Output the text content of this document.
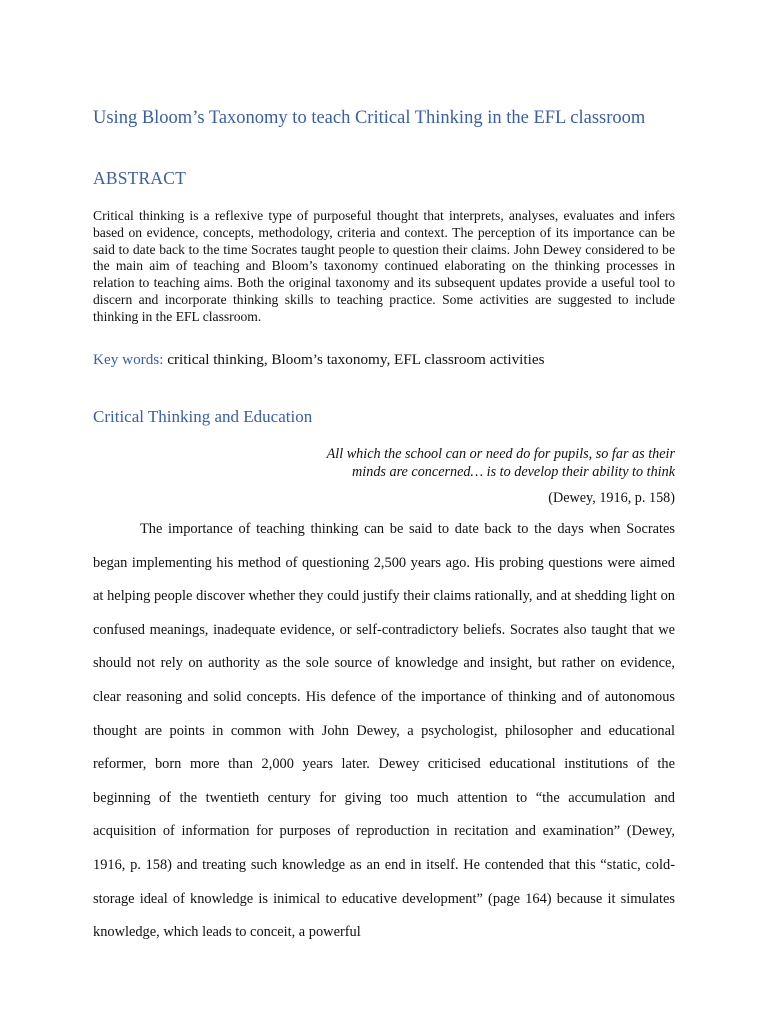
Using Bloom’s Taxonomy to teach Critical Thinking in the EFL classroom
ABSTRACT

Critical thinking is a reflexive type of purposeful thought that interprets, analyses, evaluates and infers based on evidence, concepts, methodology, criteria and context. The perception of its importance can be said to date back to the time Socrates taught people to question their claims. John Dewey considered to be the main aim of teaching and Bloom’s taxonomy continued elaborating on the thinking processes in relation to teaching aims. Both the original taxonomy and its subsequent updates provide a useful tool to discern and incorporate thinking skills to teaching practice. Some activities are suggested to include thinking in the EFL classroom.

Key words: critical thinking, Bloom’s taxonomy, EFL classroom activities
Critical Thinking and Education
All which the school can or need do for pupils, so far as their
minds are concerned… is to develop their ability to think
(Dewey, 1916, p. 158)

The importance of teaching thinking can be said to date back to the days when Socrates began implementing his method of questioning 2,500 years ago. His probing questions were aimed at helping people discover whether they could justify their claims rationally, and at shedding light on confused meanings, inadequate evidence, or self-contradictory beliefs. Socrates also taught that we should not rely on authority as the sole source of knowledge and insight, but rather on evidence, clear reasoning and solid concepts. His defence of the importance of thinking and of autonomous thought are points in common with John Dewey, a psychologist, philosopher and educational reformer, born more than 2,000 years later. Dewey criticised educational institutions of the beginning of the twentieth century for giving too much attention to “the accumulation and acquisition of information for purposes of reproduction in recitation and examination” (Dewey, 1916, p. 158) and treating such knowledge as an end in itself. He contended that this “static, cold-storage ideal of knowledge is inimical to educative development” (page 164) because it simulates knowledge, which leads to conceit, a powerful
